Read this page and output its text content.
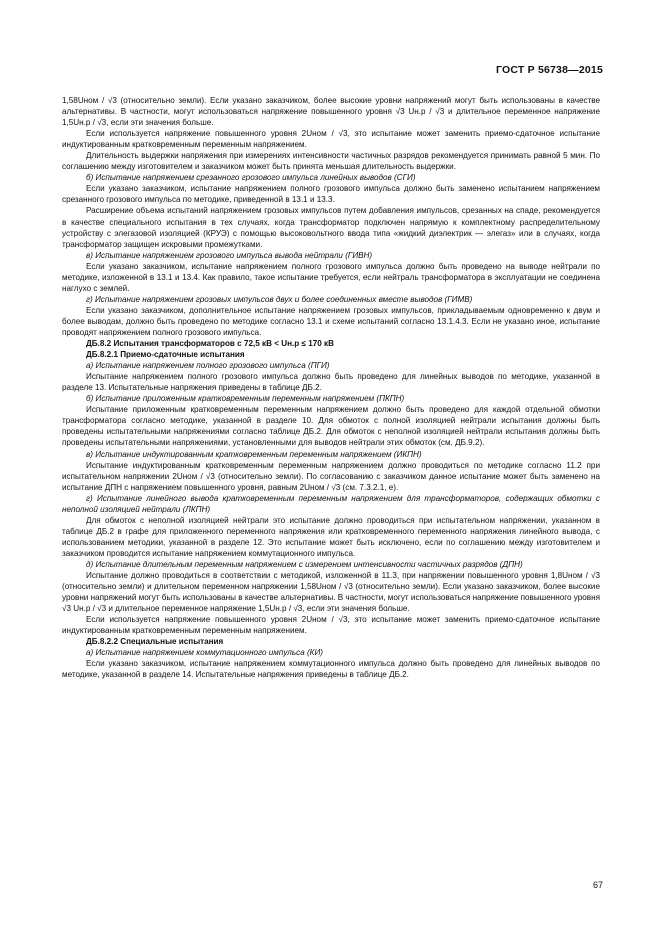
ГОСТ Р 56738—2015

1,58Uном / √3 (относительно земли). Если указано заказчиком, более высокие уровни напряжений могут быть использованы в качестве альтернативы. В частности, могут использоваться напряжение повышенного уровня √3 Uн.р / √3 и длительное переменное напряжение 1,5Uн.р / √3, если эти значения больше.

Если используется напряжение повышенного уровня 2Uном / √3, это испытание может заменить приемо-сдаточное испытание индуктированным кратковременным переменным напряжением.

Длительность выдержки напряжения при измерениях интенсивности частичных разрядов рекомендуется принимать равной 5 мин. По соглашению между изготовителем и заказчиком может быть принята меньшая длительность выдержки.

б) Испытание напряжением срезанного грозового импульса линейных выводов (СГИ)

Если указано заказчиком, испытание напряжением полного грозового импульса должно быть заменено испытанием напряжением срезанного грозового импульса по методике, приведенной в 13.1 и 13.3.

Расширение объема испытаний напряжением грозовых импульсов путем добавления импульсов, срезанных на спаде, рекомендуется в качестве специального испытания в тех случаях, когда трансформатор подключен напрямую к комплектному распределительному устройству с элегазовой изоляцией (КРУЭ) с помощью высоковольтного ввода типа «жидкий диэлектрик — элегаз» или в случаях, когда трансформатор защищен искровыми промежутками.

в) Испытание напряжением грозового импульса вывода нейтрали (ГИВН)

Если указано заказчиком, испытание напряжением полного грозового импульса должно быть проведено на выводе нейтрали по методике, изложенной в 13.1 и 13.4. Как правило, такое испытание требуется, если нейтраль трансформатора в эксплуатации не соединена наглухо с землей.

г) Испытание напряжением грозовых импульсов двух и более соединенных вместе выводов (ГИМВ)

Если указано заказчиком, дополнительное испытание напряжением грозовых импульсов, прикладываемым одновременно к двум и более выводам, должно быть проведено по методике согласно 13.1 и схеме испытаний согласно 13.1.4.3. Если не указано иное, испытание проводят напряжением полного грозового импульса.

ДБ.8.2 Испытания трансформаторов с 72,5 кВ < Uн.р ≤ 170 кВ

ДБ.8.2.1 Приемо-сдаточные испытания

а) Испытание напряжением полного грозового импульса (ПГИ)

Испытание напряжением полного грозового импульса должно быть проведено для линейных выводов по методике, указанной в разделе 13. Испытательные напряжения приведены в таблице ДБ.2.

б) Испытание приложенным кратковременным переменным напряжением (ПКПН)

Испытание приложенным кратковременным переменным напряжением должно быть проведено для каждой отдельной обмотки трансформатора согласно методике, указанной в разделе 10. Для обмоток с полной изоляцией нейтрали испытания должны быть проведены испытательными напряжениями согласно таблице ДБ.2. Для обмоток с неполной изоляцией нейтрали испытания должны быть проведены испытательными напряжениями, установленными для выводов нейтрали этих обмоток (см. ДБ.9.2).

в) Испытание индуктированным кратковременным переменным напряжением (ИКПН)

Испытание индуктированным кратковременным переменным напряжением должно проводиться по методике согласно 11.2 при испытательном напряжении 2Uном / √3 (относительно земли). По согласованию с заказчиком данное испытание может быть заменено на испытание ДПН с напряжением повышенного уровня, равным 2Uном / √3 (см. 7.3.2.1, е).

г) Испытание линейного вывода кратковременным переменным напряжением для трансформаторов, содержащих обмотки с неполной изоляцией нейтрали (ЛКПН)

Для обмоток с неполной изоляцией нейтрали это испытание должно проводиться при испытательном напряжении, указанном в таблице ДБ.2 в графе для приложенного переменного напряжения или кратковременного переменного напряжения линейного вывода, с использованием методики, указанной в разделе 12. Это испытание может быть исключено, если по соглашению между изготовителем и заказчиком проводится испытание напряжением коммутационного импульса.

д) Испытание длительным переменным напряжением с измерением интенсивности частичных разрядов (ДПН)

Испытание должно проводиться в соответствии с методикой, изложенной в 11.3, при напряжении повышенного уровня 1,8Uном / √3 (относительно земли) и длительном переменном напряжении 1,58Uном / √3 (относительно земли). Если указано заказчиком, более высокие уровни напряжений могут быть использованы в качестве альтернативы. В частности, могут использоваться напряжение повышенного уровня √3 Uн.р / √3 и длительное переменное напряжение 1,5Uн.р / √3, если эти значения больше.

Если используется напряжение повышенного уровня 2Uном / √3, это испытание может заменить приемо-сдаточное испытание индуктированным кратковременным переменным напряжением.

ДБ.8.2.2 Специальные испытания

а) Испытание напряжением коммутационного импульса (КИ)

Если указано заказчиком, испытание напряжением коммутационного импульса должно быть проведено для линейных выводов по методике, указанной в разделе 14. Испытательные напряжения приведены в таблице ДБ.2.

67
